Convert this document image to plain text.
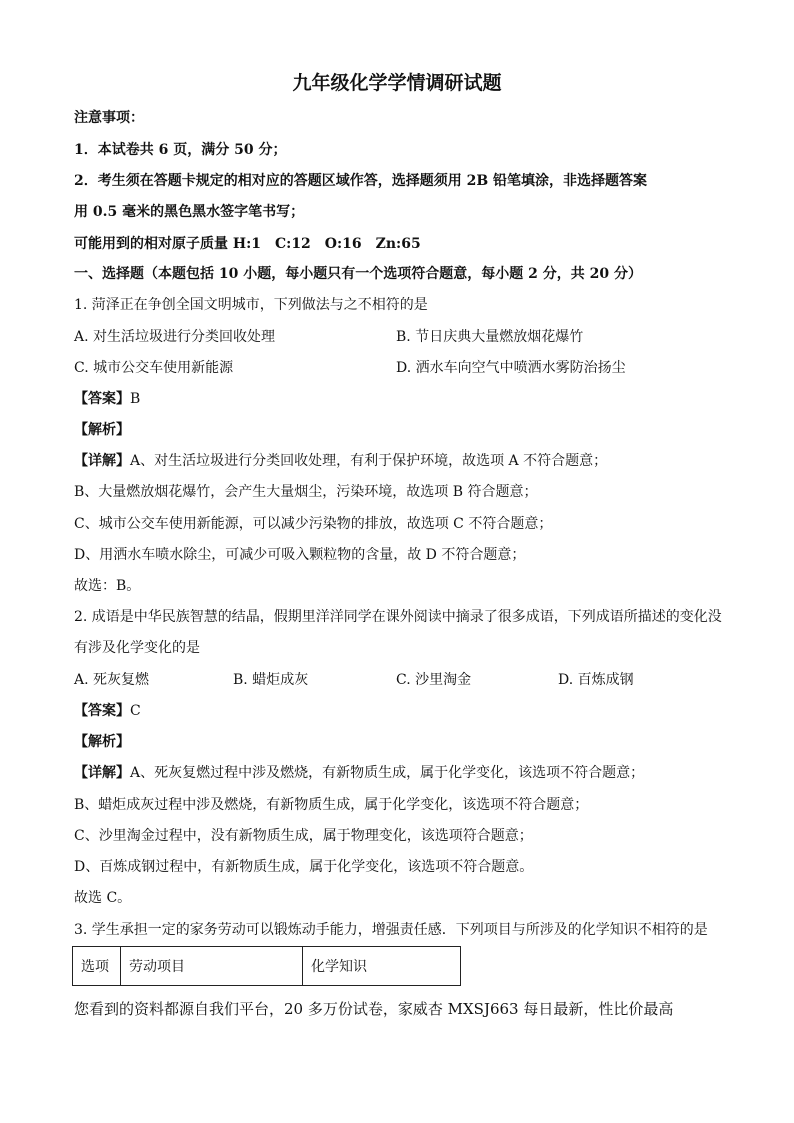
九年级化学学情调研试题
注意事项：
1．本试卷共 6 页，满分 50 分；
2．考生须在答题卡规定的相对应的答题区域作答，选择题须用 2B 铅笔填涂，非选择题答案
用 0.5 毫米的黑色黑水签字笔书写；
可能用到的相对原子质量 H:1　C:12　O:16　Zn:65
一、选择题（本题包括 10 小题，每小题只有一个选项符合题意，每小题 2 分，共 20 分）
1. 菏泽正在争创全国文明城市，下列做法与之不相符的是
A. 对生活垃圾进行分类回收处理	B. 节日庆典大量燃放烟花爆竹
C. 城市公交车使用新能源	D. 洒水车向空气中喷洒水雾防治扬尘
【答案】B
【解析】
【详解】A、对生活垃圾进行分类回收处理，有利于保护环境，故选项 A 不符合题意；
B、大量燃放烟花爆竹，会产生大量烟尘，污染环境，故选项 B 符合题意；
C、城市公交车使用新能源，可以减少污染物的排放，故选项 C 不符合题意；
D、用洒水车喷水除尘，可减少可吸入颗粒物的含量，故 D 不符合题意；
故选：B。
2. 成语是中华民族智慧的结晶，假期里洋洋同学在课外阅读中摘录了很多成语，下列成语所描述的变化没
有涉及化学变化的是
A. 死灰复燃	B. 蜡炬成灰	C. 沙里淘金	D. 百炼成钢
【答案】C
【解析】
【详解】A、死灰复燃过程中涉及燃烧，有新物质生成，属于化学变化，该选项不符合题意；
B、蜡炬成灰过程中涉及燃烧，有新物质生成，属于化学变化，该选项不符合题意；
C、沙里淘金过程中，没有新物质生成，属于物理变化，该选项符合题意；
D、百炼成钢过程中，有新物质生成，属于化学变化，该选项不符合题意。
故选 C。
3. 学生承担一定的家务劳动可以锻炼动手能力，增强责任感．下列项目与所涉及的化学知识不相符的是
选项	劳动项目	化学知识
您看到的资料都源自我们平台，20 多万份试卷，家威杏 MXSJ663 每日最新，性比价最高
